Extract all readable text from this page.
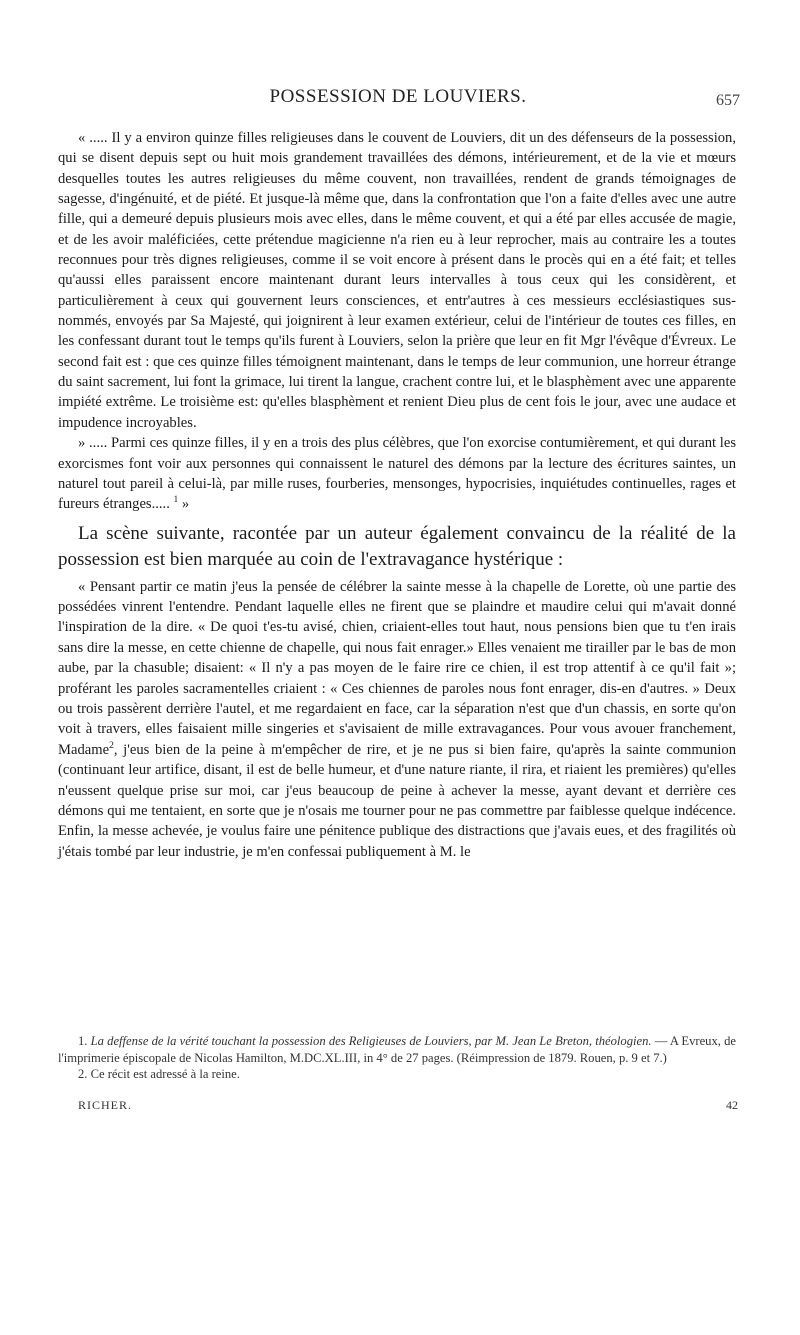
POSSESSION DE LOUVIERS.	657

« ..... Il y a environ quinze filles religieuses dans le couvent de Louviers, dit un des défenseurs de la possession, qui se disent depuis sept ou huit mois grandement travaillées des démons, intérieurement, et de la vie et mœurs desquelles toutes les autres religieuses du même couvent, non travaillées, rendent de grands témoignages de sagesse, d'ingénuité, et de piété. Et jusque-là même que, dans la confrontation que l'on a faite d'elles avec une autre fille, qui a demeuré depuis plusieurs mois avec elles, dans le même couvent, et qui a été par elles accusée de magie, et de les avoir maléficiées, cette prétendue magicienne n'a rien eu à leur reprocher, mais au contraire les a toutes reconnues pour très dignes religieuses, comme il se voit encore à présent dans le procès qui en a été fait; et telles qu'aussi elles paraissent encore maintenant durant leurs intervalles à tous ceux qui les considèrent, et particulièrement à ceux qui gouvernent leurs consciences, et entr'autres à ces messieurs ecclésiastiques sus-nommés, envoyés par Sa Majesté, qui joignirent à leur examen extérieur, celui de l'intérieur de toutes ces filles, en les confessant durant tout le temps qu'ils furent à Louviers, selon la prière que leur en fit Mgr l'évêque d'Évreux. Le second fait est : que ces quinze filles témoignent maintenant, dans le temps de leur communion, une horreur étrange du saint sacrement, lui font la grimace, lui tirent la langue, crachent contre lui, et le blasphèment avec une apparente impiété extrême. Le troisième est: qu'elles blasphèment et renient Dieu plus de cent fois le jour, avec une audace et impudence incroyables.

» ..... Parmi ces quinze filles, il y en a trois des plus célèbres, que l'on exorcise contumièrement, et qui durant les exorcismes font voir aux personnes qui connaissent le naturel des démons par la lecture des écritures saintes, un naturel tout pareil à celui-là, par mille ruses, fourberies, mensonges, hypocrisies, inquiétudes continuelles, rages et fureurs étranges..... $^1$ »

La scène suivante, racontée par un auteur également convaincu de la réalité de la possession est bien marquée au coin de l'extravagance hystérique :

« Pensant partir ce matin j'eus la pensée de célébrer la sainte messe à la chapelle de Lorette, où une partie des possédées vinrent l'entendre. Pendant laquelle elles ne firent que se plaindre et maudire celui qui m'avait donné l'inspiration de la dire. « De quoi t'es-tu avisé, chien, criaient-elles tout haut, nous pensions bien que tu t'en irais sans dire la messe, en cette chienne de chapelle, qui nous fait enrager.» Elles venaient me tirailler par le bas de mon aube, par la chasuble; disaient: « Il n'y a pas moyen de le faire rire ce chien, il est trop attentif à ce qu'il fait »; proférant les paroles sacramentelles criaient : « Ces chiennes de paroles nous font enrager, dis-en d'autres. » Deux ou trois passèrent derrière l'autel, et me regardaient en face, car la séparation n'est que d'un chassis, en sorte qu'on voit à travers, elles faisaient mille singeries et s'avisaient de mille extravagances. Pour vous avouer franchement, Madame$^2$, j'eus bien de la peine à m'empêcher de rire, et je ne pus si bien faire, qu'après la sainte communion (continuant leur artifice, disant, il est de belle humeur, et d'une nature riante, il rira, et riaient les premières) qu'elles n'eussent quelque prise sur moi, car j'eus beaucoup de peine à achever la messe, ayant devant et derrière ces démons qui me tentaient, en sorte que je n'osais me tourner pour ne pas commettre par faiblesse quelque indécence. Enfin, la messe achevée, je voulus faire une pénitence publique des distractions que j'avais eues, et des fragilités où j'étais tombé par leur industrie, je m'en confessai publiquement à M. le

1. La deffense de la vérité touchant la possession des Religieuses de Louviers, par M. Jean Le Breton, théologien. — A Evreux, de l'imprimerie épiscopale de Nicolas Hamilton, M.DC.XL.III, in 4° de 27 pages. (Réimpression de 1879. Rouen, p. 9 et 7.)

2. Ce récit est adressé à la reine.

RICHER.	42
